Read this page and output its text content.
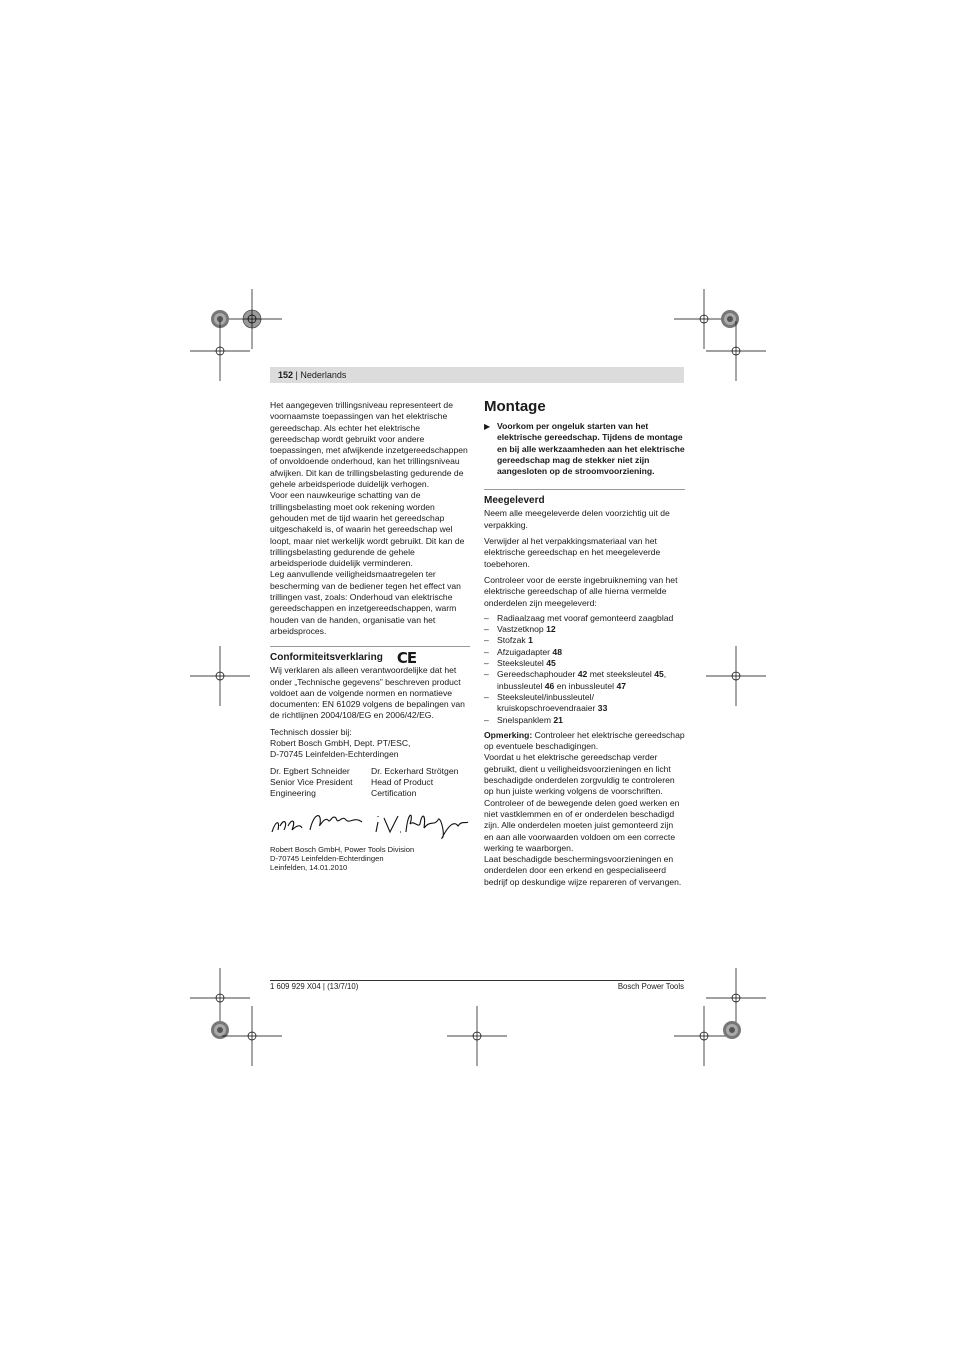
152 | Nederlands

Het aangegeven trillingsniveau representeert de voornaamste toepassingen van het elektrische gereedschap. Als echter het elektrische gereedschap wordt gebruikt voor andere toepassingen, met afwijkende inzetgereedschappen of onvoldoende onderhoud, kan het trillingsniveau afwijken. Dit kan de trillingsbelasting gedurende de gehele arbeidsperiode duidelijk verhogen.

Voor een nauwkeurige schatting van de trillingsbelasting moet ook rekening worden gehouden met de tijd waarin het gereedschap uitgeschakeld is, of waarin het gereedschap wel loopt, maar niet werkelijk wordt gebruikt. Dit kan de trillingsbelasting gedurende de gehele arbeidsperiode duidelijk verminderen.

Leg aanvullende veiligheidsmaatregelen ter bescherming van de bediener tegen het effect van trillingen vast, zoals: Onderhoud van elektrische gereedschappen en inzetgereedschappen, warm houden van de handen, organisatie van het arbeidsproces.

Conformiteitsverklaring CE

Wij verklaren als alleen verantwoordelijke dat het onder „Technische gegevens” beschreven product voldoet aan de volgende normen en normatieve documenten: EN 61029 volgens de bepalingen van de richtlijnen 2004/108/EG en 2006/42/EG.

Technisch dossier bij:

Robert Bosch GmbH, Dept. PT/ESC,

D-70745 Leinfelden-Echterdingen

Dr. Egbert Schneider

Senior Vice President

Engineering

Dr. Eckerhard Strötgen

Head of Product

Certification

Robert Bosch GmbH, Power Tools Division

D-70745 Leinfelden-Echterdingen

Leinfelden, 14.01.2010

Montage
▶ Voorkom per ongeluk starten van het elektrische gereedschap. Tijdens de montage en bij alle werkzaamheden aan het elektrische gereedschap mag de stekker niet zijn aangesloten op de stroomvoorziening.
Meegeleverd

Neem alle meegeleverde delen voorzichtig uit de verpakking.

Verwijder al het verpakkingsmateriaal van het elektrische gereedschap en het meegeleverde toebehoren.

Controleer voor de eerste ingebruikneming van het elektrische gereedschap of alle hierna vermelde onderdelen zijn meegeleverd:

– Radiaalzaag met vooraf gemonteerd zaagblad
– Vastzetknop 12
– Stofzak 1
– Afzuigadapter 48
– Steeksleutel 45
– Gereedschaphouder 42 met steeksleutel 45, inbussleutel 46 en inbussleutel 47
– Steeksleutel/inbussleutel/ kruiskopschroevendraaier 33
– Snelspanklem 21

Opmerking: Controleer het elektrische gereedschap op eventuele beschadigingen.

Voordat u het elektrische gereedschap verder gebruikt, dient u veiligheidsvoorzieningen en licht beschadigde onderdelen zorgvuldig te controleren op hun juiste werking volgens de voorschriften. Controleer of de bewegende delen goed werken en niet vastklemmen en of er onderdelen beschadigd zijn. Alle onderdelen moeten juist gemonteerd zijn en aan alle voorwaarden voldoen om een correcte werking te waarborgen.

Laat beschadigde beschermingsvoorzieningen en onderdelen door een erkend en gespecialiseerd bedrijf op deskundige wijze repareren of vervangen.

1 609 929 X04 | (13/7/10)	Bosch Power Tools
